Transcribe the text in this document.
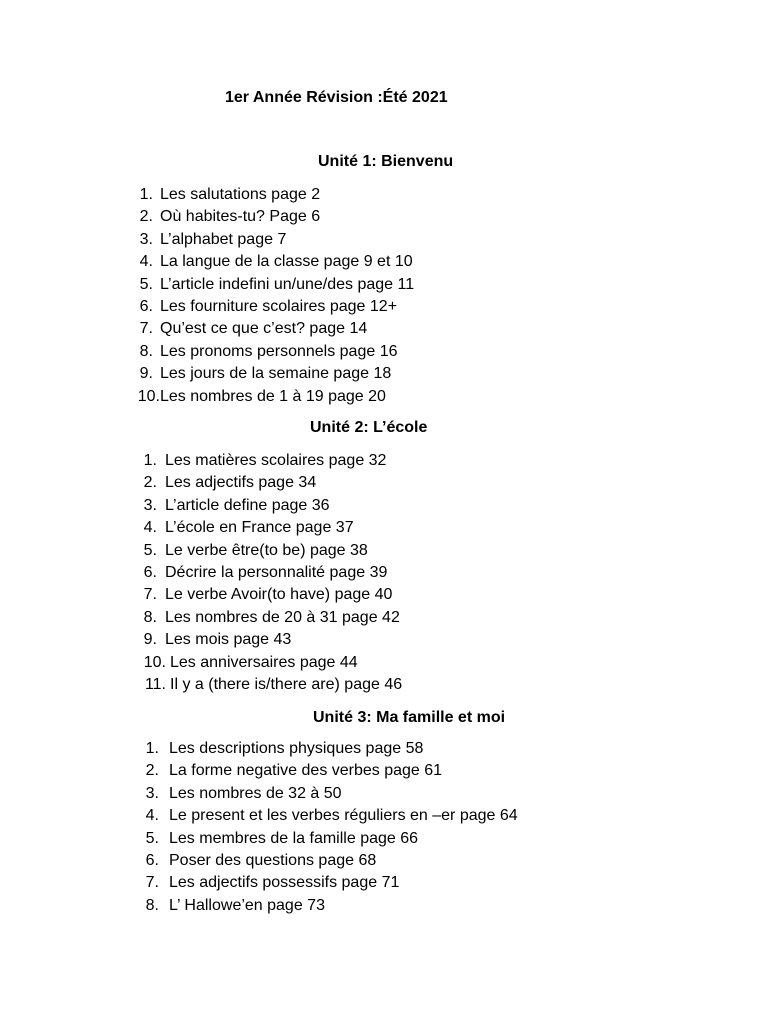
1er Année Révision :Été 2021
Unité 1: Bienvenu
1. Les salutations page 2
2. Où habites-tu? Page 6
3. L’alphabet page 7
4. La langue de la classe page 9 et 10
5. L’article indefini un/une/des page 11
6. Les fourniture scolaires page 12+
7. Qu’est ce que c’est? page 14
8. Les pronoms personnels page 16
9. Les jours de la semaine page 18
10. Les nombres de 1 à 19 page 20
Unité 2: L’école
1. Les matières scolaires page 32
2. Les adjectifs page 34
3. L’article define page 36
4. L’école en France page 37
5. Le verbe être(to be) page 38
6. Décrire la personnalité page 39
7. Le verbe Avoir(to have) page 40
8. Les nombres de 20 à 31 page 42
9. Les mois page 43
10. Les anniversaires page 44
11. Il y a (there is/there are) page 46
Unité 3: Ma famille et moi
1. Les descriptions physiques page 58
2. La forme negative des verbes page 61
3. Les nombres de 32 à 50
4. Le present et les verbes réguliers en –er page 64
5. Les membres de la famille page 66
6. Poser des questions page 68
7. Les adjectifs possessifs page 71
8. L’ Hallowe’en page 73
